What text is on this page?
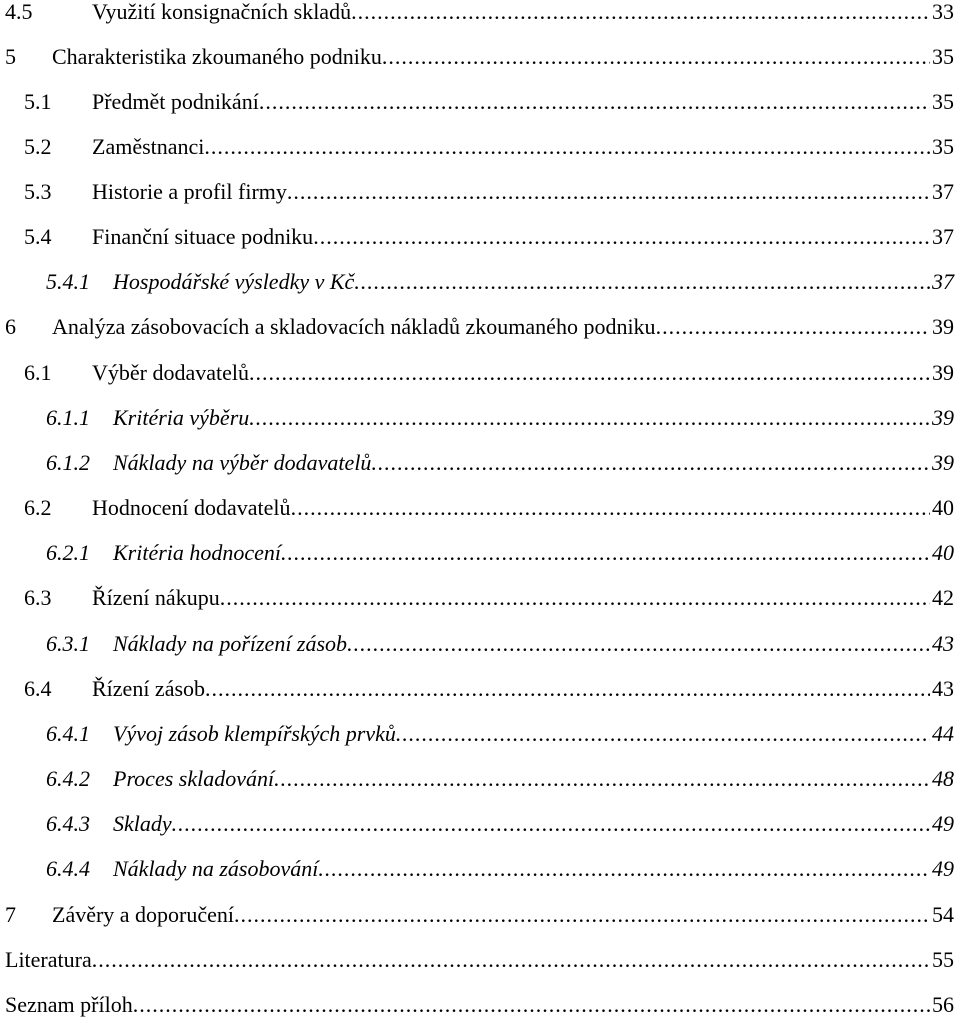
4.5	Využití konsignačních skladů .....	33
5	Charakteristika zkoumaného podniku .....	35
5.1	Předmět podnikání .....	35
5.2	Zaměstnanci .....	35
5.3	Historie a profil firmy .....	37
5.4	Finanční situace podniku .....	37
5.4.1	Hospodářské výsledky v Kč .....	37
6	Analýza zásobovacích a skladovacích nákladů zkoumaného podniku .....	39
6.1	Výběr dodavatelů .....	39
6.1.1	Kritéria výběru .....	39
6.1.2	Náklady na výběr dodavatelů .....	39
6.2	Hodnocení dodavatelů .....	40
6.2.1	Kritéria hodnocení .....	40
6.3	Řízení nákupu .....	42
6.3.1	Náklady na pořízení zásob .....	43
6.4	Řízení zásob .....	43
6.4.1	Vývoj zásob klempířských prvků .....	44
6.4.2	Proces skladování .....	48
6.4.3	Sklady .....	49
6.4.4	Náklady na zásobování .....	49
7	Závěry a doporučení .....	54
Literatura .....	55
Seznam příloh .....	56
